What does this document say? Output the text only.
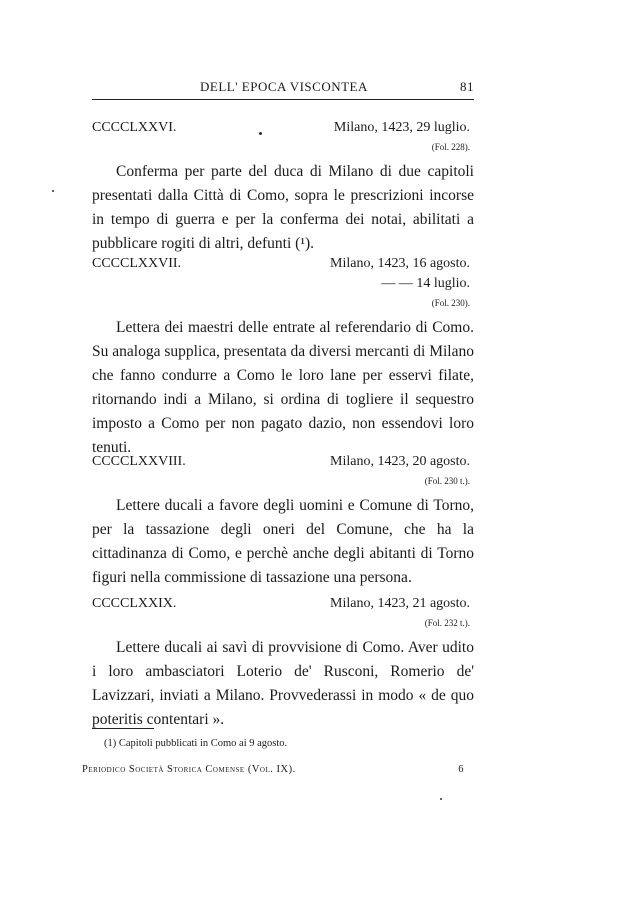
DELL' EPOCA VISCONTEA	81
CCCCLXXVI.	Milano, 1423, 29 luglio.
(Fol. 228).
Conferma per parte del duca di Milano di due capitoli presentati dalla Città di Como, sopra le prescrizioni incorse in tempo di guerra e per la conferma dei notai, abilitati a pubblicare rogiti di altri, defunti (¹).
CCCCLXXVII.	Milano, 1423, 16 agosto.
— — 14 luglio.
(Fol. 230).
Lettera dei maestri delle entrate al referendario di Como. Su analoga supplica, presentata da diversi mercanti di Milano che fanno condurre a Como le loro lane per esservi filate, ritornando indi a Milano, si ordina di togliere il sequestro imposto a Como per non pagato dazio, non essendovi loro tenuti.
CCCCLXXVIII.	Milano, 1423, 20 agosto.
(Fol. 230 t.).
Lettere ducali a favore degli uomini e Comune di Torno, per la tassazione degli oneri del Comune, che ha la cittadinanza di Como, e perchè anche degli abitanti di Torno figuri nella commissione di tassazione una persona.
CCCCLXXIX.	Milano, 1423, 21 agosto.
(Fol. 232 t.).
Lettere ducali ai savì di provvisione di Como. Aver udito i loro ambasciatori Loterio de' Rusconi, Romerio de' Lavizzari, inviati a Milano. Provvederassi in modo « de quo poteritis contentari ».
(1) Capitoli pubblicati in Como ai 9 agosto.
Periodico Società Storica Comense (Vol. IX).	6
